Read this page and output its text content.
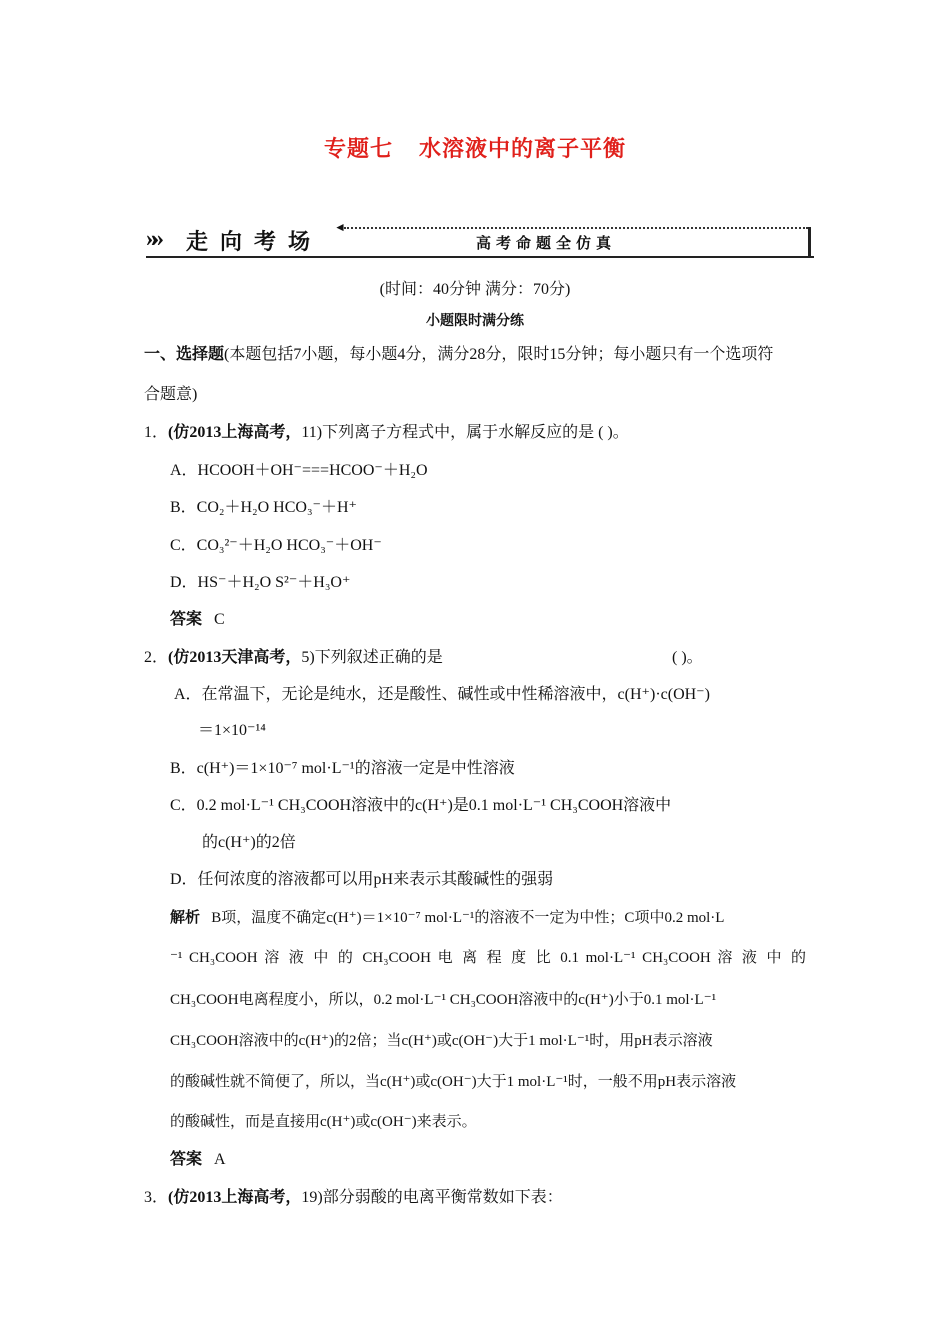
专题七 水溶液中的离子平衡
»» 走向考场
◄
高考命题全仿真
(时间：40分钟 满分：70分)
小题限时满分练
一、选择题(本题包括7小题，每小题4分，满分28分，限时15分钟；每小题只有一个选项符
合题意)
1．(仿2013上海高考，11)下列离子方程式中，属于水解反应的是 ( )。
A．HCOOH＋OH⁻===HCOO⁻＋H₂O
B．CO₂＋H₂O HCO₃⁻＋H⁺
C．CO₃²⁻＋H₂O HCO₃⁻＋OH⁻
D．HS⁻＋H₂O S²⁻＋H₃O⁺
答案 C
2．(仿2013天津高考，5)下列叙述正确的是	( )。
A．在常温下，无论是纯水，还是酸性、碱性或中性稀溶液中，c(H⁺)·c(OH⁻)
＝1×10⁻¹⁴
B．c(H⁺)＝1×10⁻⁷ mol·L⁻¹的溶液一定是中性溶液
C．0.2 mol·L⁻¹ CH₃COOH溶液中的c(H⁺)是0.1 mol·L⁻¹ CH₃COOH溶液中
的c(H⁺)的2倍
D．任何浓度的溶液都可以用pH来表示其酸碱性的强弱
解析 B项，温度不确定c(H⁺)＝1×10⁻⁷ mol·L⁻¹的溶液不一定为中性；C项中0.2 mol·L
⁻¹ CH₃COOH 溶 液 中 的 CH₃COOH 电 离 程 度 比 0.1 mol·L⁻¹ CH₃COOH 溶 液 中 的
CH₃COOH电离程度小，所以，0.2 mol·L⁻¹ CH₃COOH溶液中的c(H⁺)小于0.1 mol·L⁻¹
CH₃COOH溶液中的c(H⁺)的2倍；当c(H⁺)或c(OH⁻)大于1 mol·L⁻¹时，用pH表示溶液
的酸碱性就不简便了，所以，当c(H⁺)或c(OH⁻)大于1 mol·L⁻¹时，一般不用pH表示溶液
的酸碱性，而是直接用c(H⁺)或c(OH⁻)来表示。
答案 A
3．(仿2013上海高考，19)部分弱酸的电离平衡常数如下表：
